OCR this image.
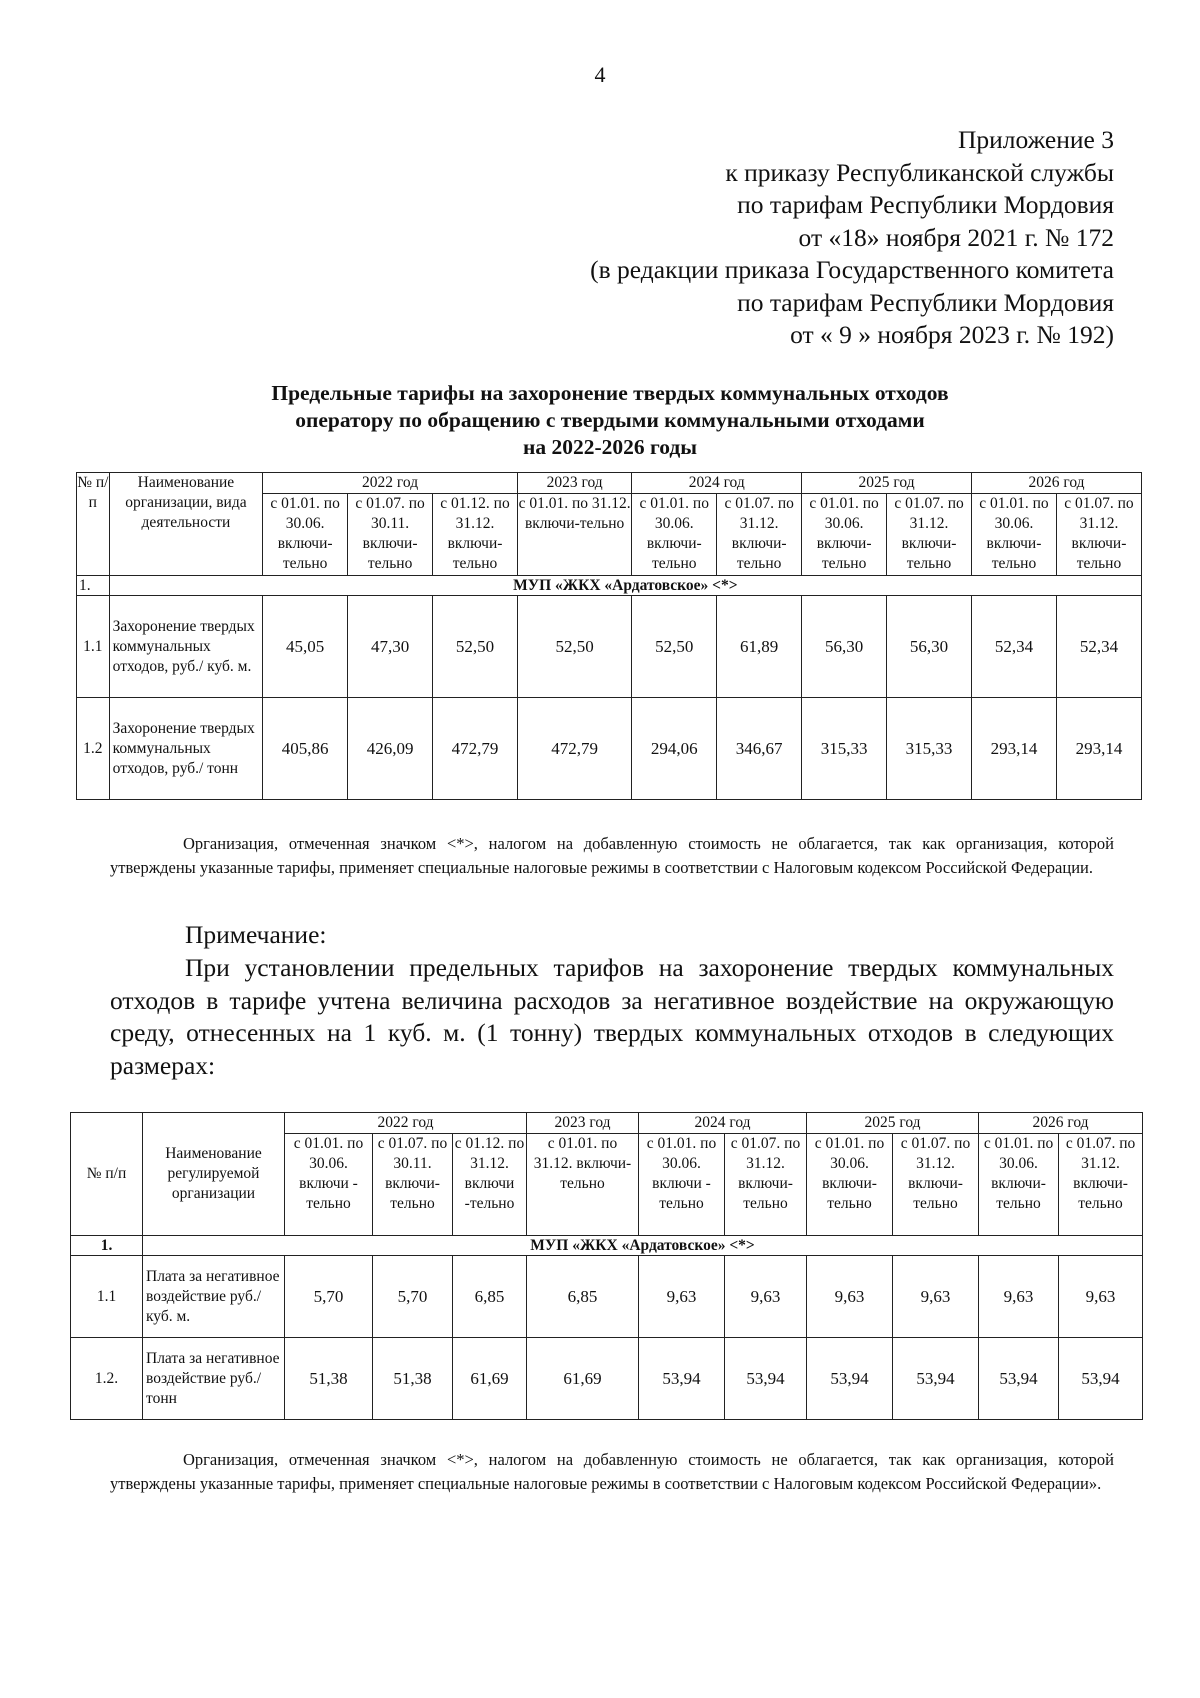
4
Приложение 3
к приказу Республиканской службы
по тарифам Республики Мордовия
от «18» ноября 2021 г. № 172
(в редакции приказа Государственного комитета
по тарифам Республики Мордовия
от « 9 » ноября 2023 г. № 192)
Предельные тарифы на захоронение твердых коммунальных отходов
оператору по обращению с твердыми коммунальными отходами
на 2022-2026 годы
№ п/п	Наименование организации, вида деятельности	2022 год			2023 год	2024 год		2025 год		2026 год	
		с 01.01. по 30.06. включи-тельно	с 01.07. по 30.11. включи-тельно	с 01.12. по 31.12. включи-тельно	с 01.01. по 31.12. включи-тельно	с 01.01. по 30.06. включи-тельно	с 01.07. по 31.12. включи-тельно	с 01.01. по 30.06. включи-тельно	с 01.07. по 31.12. включи-тельно	с 01.01. по 30.06. включи-тельно	с 01.07. по 31.12. включи-тельно
1.	МУП «ЖКХ «Ардатовское» <*>										
1.1	Захоронение твердых коммунальных отходов, руб./ куб. м.	45,05	47,30	52,50	52,50	52,50	61,89	56,30	56,30	52,34	52,34
1.2	Захоронение твердых коммунальных отходов, руб./ тонн	405,86	426,09	472,79	472,79	294,06	346,67	315,33	315,33	293,14	293,14
Организация, отмеченная значком <*>, налогом на добавленную стоимость не облагается, так как организация, которой утверждены указанные тарифы, применяет специальные налоговые режимы в соответствии с Налоговым кодексом Российской Федерации.
Примечание:
При установлении предельных тарифов на захоронение твердых коммунальных отходов в тарифе учтена величина расходов за негативное воздействие на окружающую среду, отнесенных на 1 куб. м. (1 тонну) твердых коммунальных отходов в следующих размерах:
№ п/п	Наименование регулируемой организации	2022 год			2023 год	2024 год		2025 год		2026 год	
		с 01.01. по 30.06. включи - тельно	с 01.07. по 30.11. включи- тельно	с 01.12. по 31.12. включи -тельно	с 01.01. по 31.12. включи- тельно	с 01.01. по 30.06. включи - тельно	с 01.07. по 31.12. включи- тельно	с 01.01. по 30.06. включи- тельно	с 01.07. по 31.12. включи- тельно	с 01.01. по 30.06. включи- тельно	с 01.07. по 31.12. включи- тельно
1.	МУП «ЖКХ «Ардатовское» <*>										
1.1	Плата за негативное воздействие руб./ куб. м.	5,70	5,70	6,85	6,85	9,63	9,63	9,63	9,63	9,63	9,63
1.2.	Плата за негативное воздействие руб./ тонн	51,38	51,38	61,69	61,69	53,94	53,94	53,94	53,94	53,94	53,94
Организация, отмеченная значком <*>, налогом на добавленную стоимость не облагается, так как организация, которой утверждены указанные тарифы, применяет специальные налоговые режимы в соответствии с Налоговым кодексом Российской Федерации».
